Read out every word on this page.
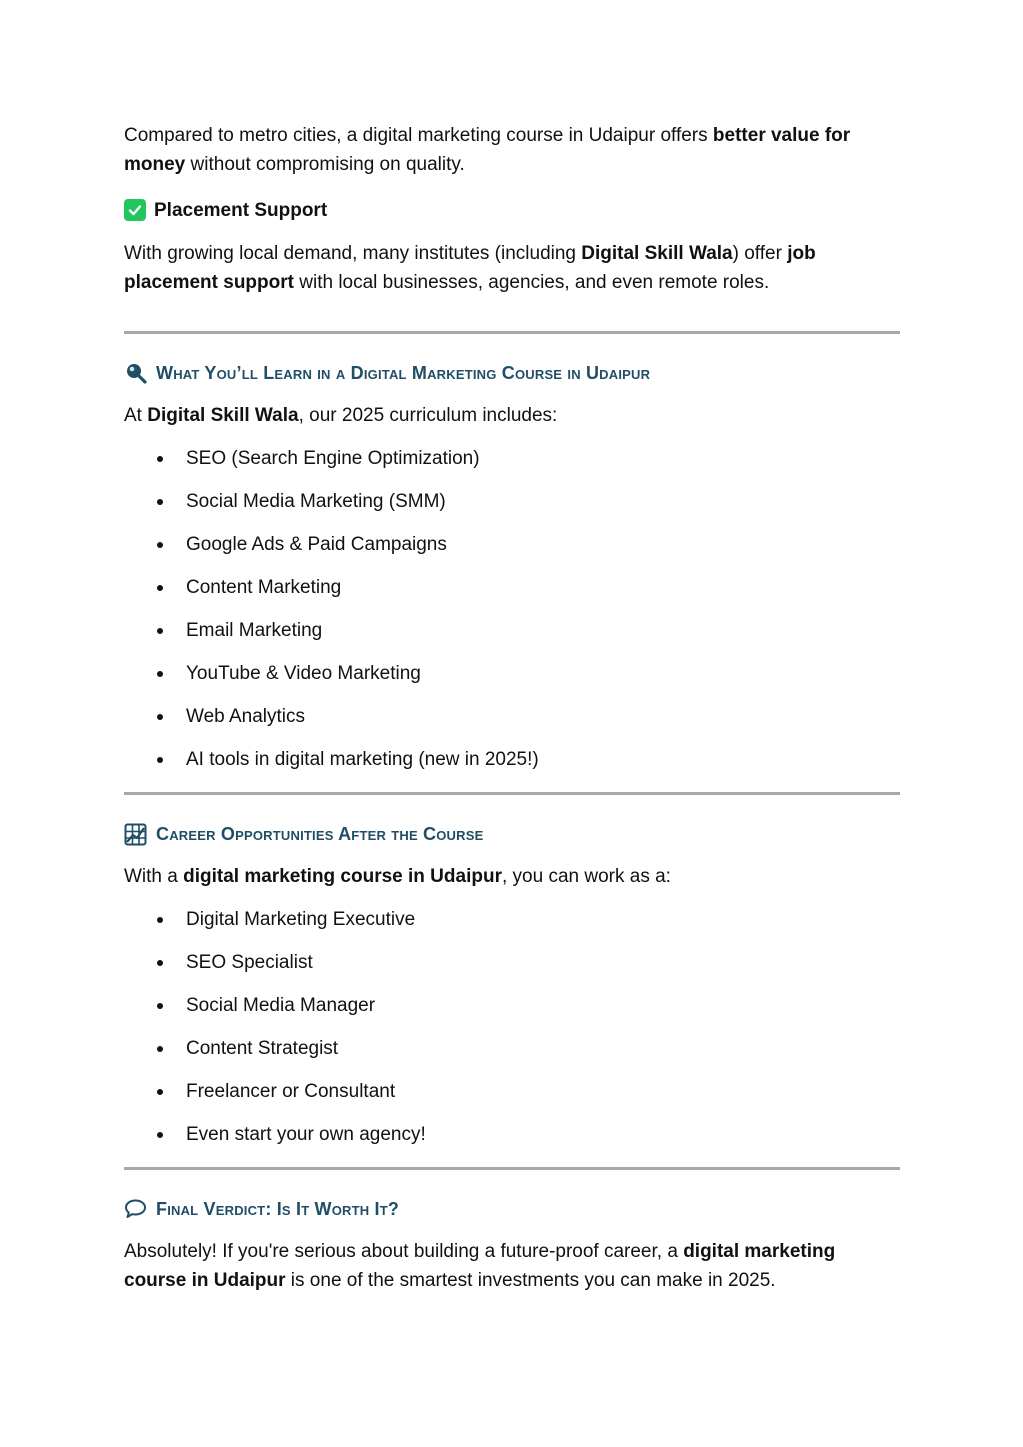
Compared to metro cities, a digital marketing course in Udaipur offers better value for money without compromising on quality.

Placement Support

With growing local demand, many institutes (including Digital Skill Wala) offer job placement support with local businesses, agencies, and even remote roles.

What You’ll Learn in a Digital Marketing Course in Udaipur

At Digital Skill Wala, our 2025 curriculum includes:

SEO (Search Engine Optimization)
Social Media Marketing (SMM)
Google Ads & Paid Campaigns
Content Marketing
Email Marketing
YouTube & Video Marketing
Web Analytics
AI tools in digital marketing (new in 2025!)
Career Opportunities After the Course

With a digital marketing course in Udaipur, you can work as a:

Digital Marketing Executive
SEO Specialist
Social Media Manager
Content Strategist
Freelancer or Consultant
Even start your own agency!
Final Verdict: Is It Worth It?

Absolutely! If you're serious about building a future-proof career, a digital marketing course in Udaipur is one of the smartest investments you can make in 2025.
